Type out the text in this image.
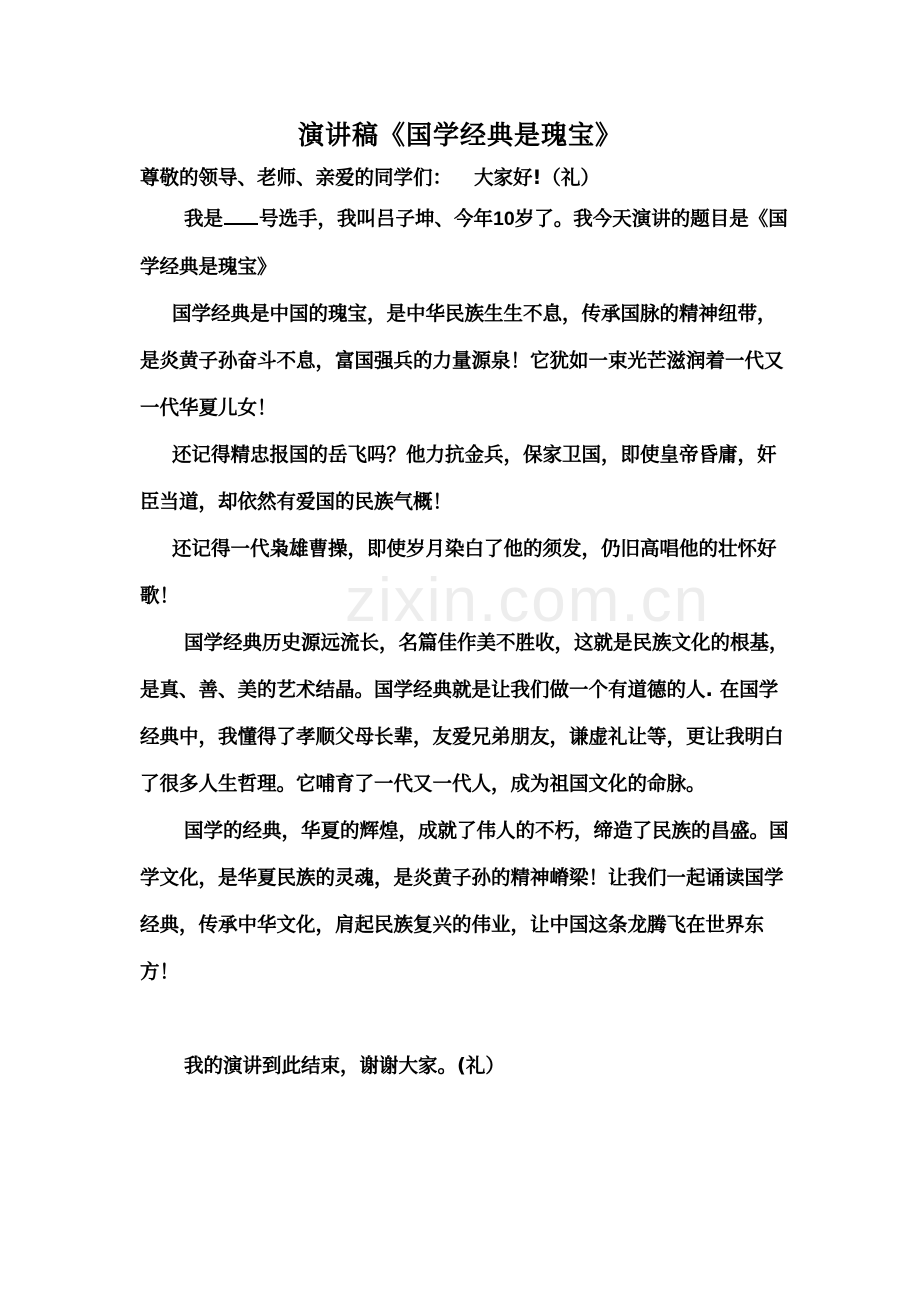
zixin.com.cn
演讲稿《国学经典是瑰宝》

尊敬的领导、老师、亲爱的同学们： 大家好!（礼）

我是 号选手，我叫吕子坤、今年10岁了。我今天演讲的题目是《国学经典是瑰宝》

国学经典是中国的瑰宝，是中华民族生生不息，传承国脉的精神纽带，是炎黄子孙奋斗不息，富国强兵的力量源泉！它犹如一束光芒滋润着一代又一代华夏儿女！

还记得精忠报国的岳飞吗？他力抗金兵，保家卫国，即使皇帝昏庸，奸臣当道，却依然有爱国的民族气概！

还记得一代枭雄曹操，即使岁月染白了他的须发，仍旧高唱他的壮怀好歌！

国学经典历史源远流长，名篇佳作美不胜收，这就是民族文化的根基，是真、善、美的艺术结晶。国学经典就是让我们做一个有道德的人. 在国学经典中，我懂得了孝顺父母长辈，友爱兄弟朋友，谦虚礼让等，更让我明白了很多人生哲理。它哺育了一代又一代人，成为祖国文化的命脉。

国学的经典，华夏的辉煌，成就了伟人的不朽，缔造了民族的昌盛。国学文化，是华夏民族的灵魂，是炎黄子孙的精神嵴梁！让我们一起诵读国学经典，传承中华文化，肩起民族复兴的伟业，让中国这条龙腾飞在世界东方！

我的演讲到此结束，谢谢大家。(礼）
